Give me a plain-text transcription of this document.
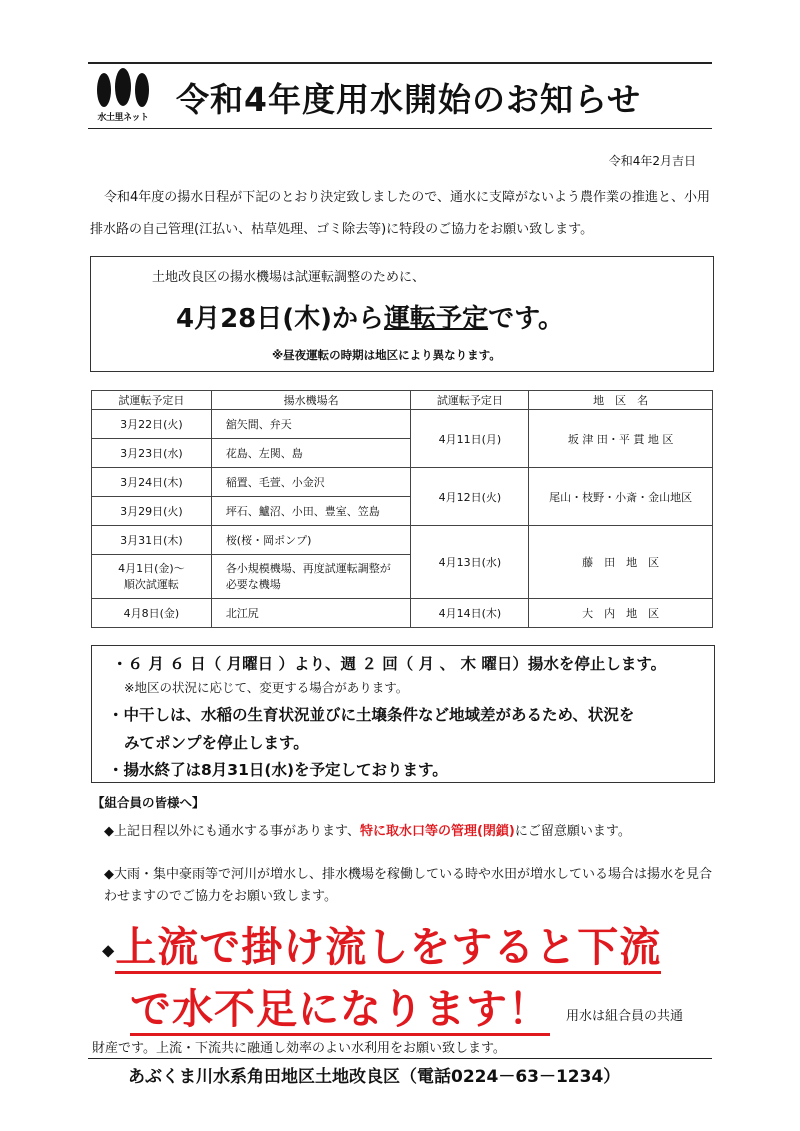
水土里ネット 令和4年度用水開始のお知らせ
令和4年2月吉日
令和4年度の揚水日程が下記のとおり決定致しましたので、通水に支障がないよう農作業の推進と、小用排水路の自己管理(江払い、枯草処理、ゴミ除去等)に特段のご協力をお願い致します。
土地改良区の揚水機場は試運転調整のために、
4月28日(木)から運転予定です。
※昼夜運転の時期は地区により異なります。
試運転予定日	揚水機場名	試運転予定日	地　区　名
3月22日(火)	舘矢間、弁天	4月11日(月)	坂 津 田・平 貫 地 区
3月23日(水)	花島、左関、島		
3月24日(木)	稲置、毛萱、小金沢	4月12日(火)	尾山・枝野・小斎・金山地区
3月29日(火)	坪石、鱸沼、小田、豊室、笠島		
3月31日(木)	桜(桜・岡ポンプ)	4月13日(水)	藤　田　地　区
4月1日(金)～
順次試運転	各小規模機場、再度試運転調整が
必要な機場		
4月8日(金)	北江尻	4月14日(木)	大　内　地　区
・６ 月 ６ 日（ 月曜日 ）より、週 ２ 回（ 月 、 木 曜日）揚水を停止します。
※地区の状況に応じて、変更する場合があります。
・中干しは、水稲の生育状況並びに土壌条件など地域差があるため、状況を
みてポンプを停止します。
・揚水終了は8月31日(水)を予定しております。
【組合員の皆様へ】
◆上記日程以外にも通水する事があります、特に取水口等の管理(閉鎖)にご留意願います。
◆大雨・集中豪雨等で河川が増水し、排水機場を稼働している時や水田が増水している場合は揚水を見合わせますのでご協力をお願い致します。
◆上流で掛け流しをすると下流
で水不足になります！ 用水は組合員の共通
財産です。上流・下流共に融通し効率のよい水利用をお願い致します。
あぶくま川水系角田地区土地改良区（電話0224－63－1234）
